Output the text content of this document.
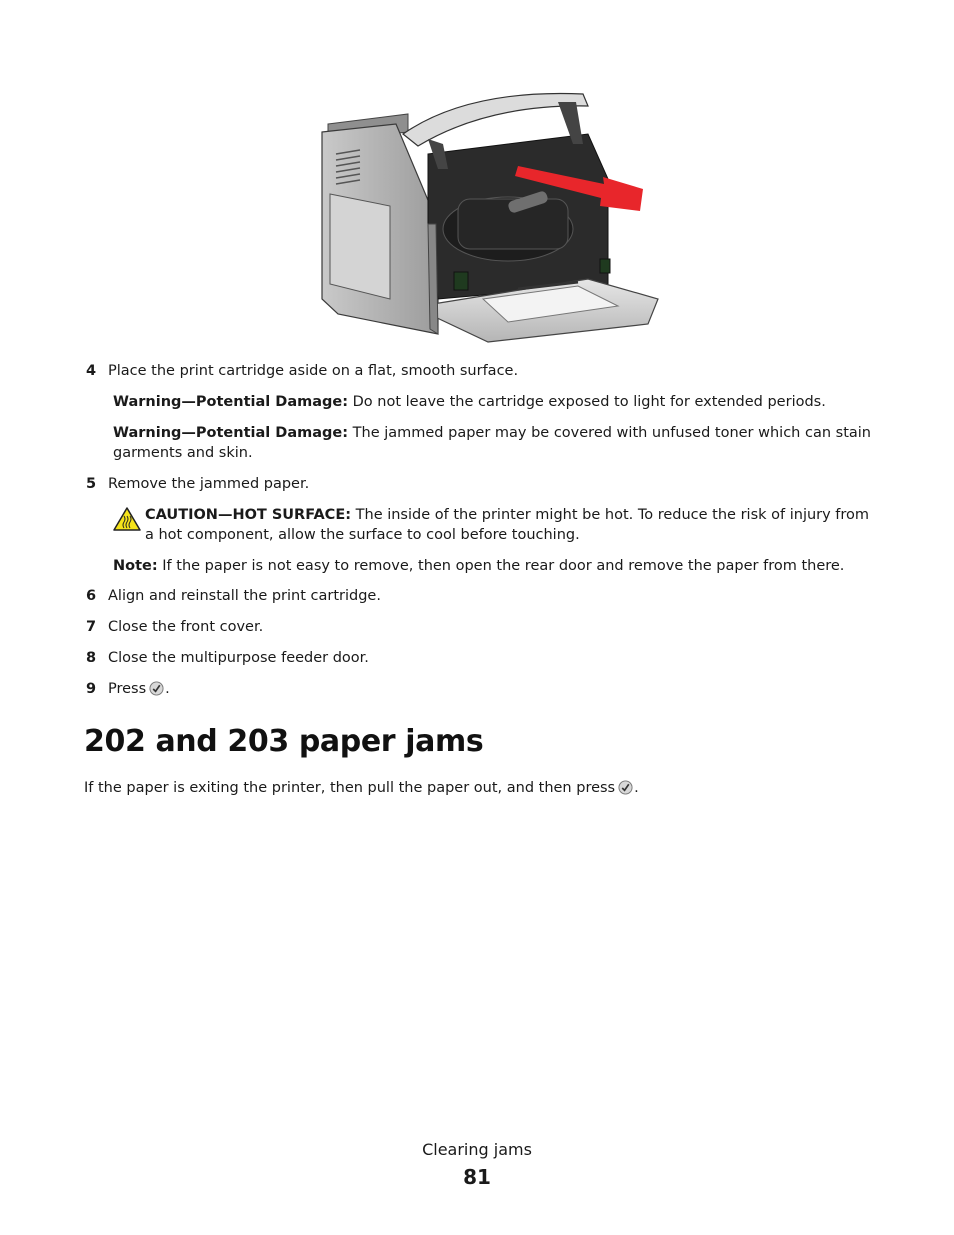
4 Place the print cartridge aside on a flat, smooth surface.
Warning—Potential Damage: Do not leave the cartridge exposed to light for extended periods.
Warning—Potential Damage: The jammed paper may be covered with unfused toner which can stain garments and skin.
5 Remove the jammed paper.
CAUTION—HOT SURFACE: The inside of the printer might be hot. To reduce the risk of injury from a hot component, allow the surface to cool before touching.
Note: If the paper is not easy to remove, then open the rear door and remove the paper from there.
6 Align and reinstall the print cartridge.
7 Close the front cover.
8 Close the multipurpose feeder door.
9 Press .
202 and 203 paper jams
If the paper is exiting the printer, then pull the paper out, and then press .
Clearing jams
81
